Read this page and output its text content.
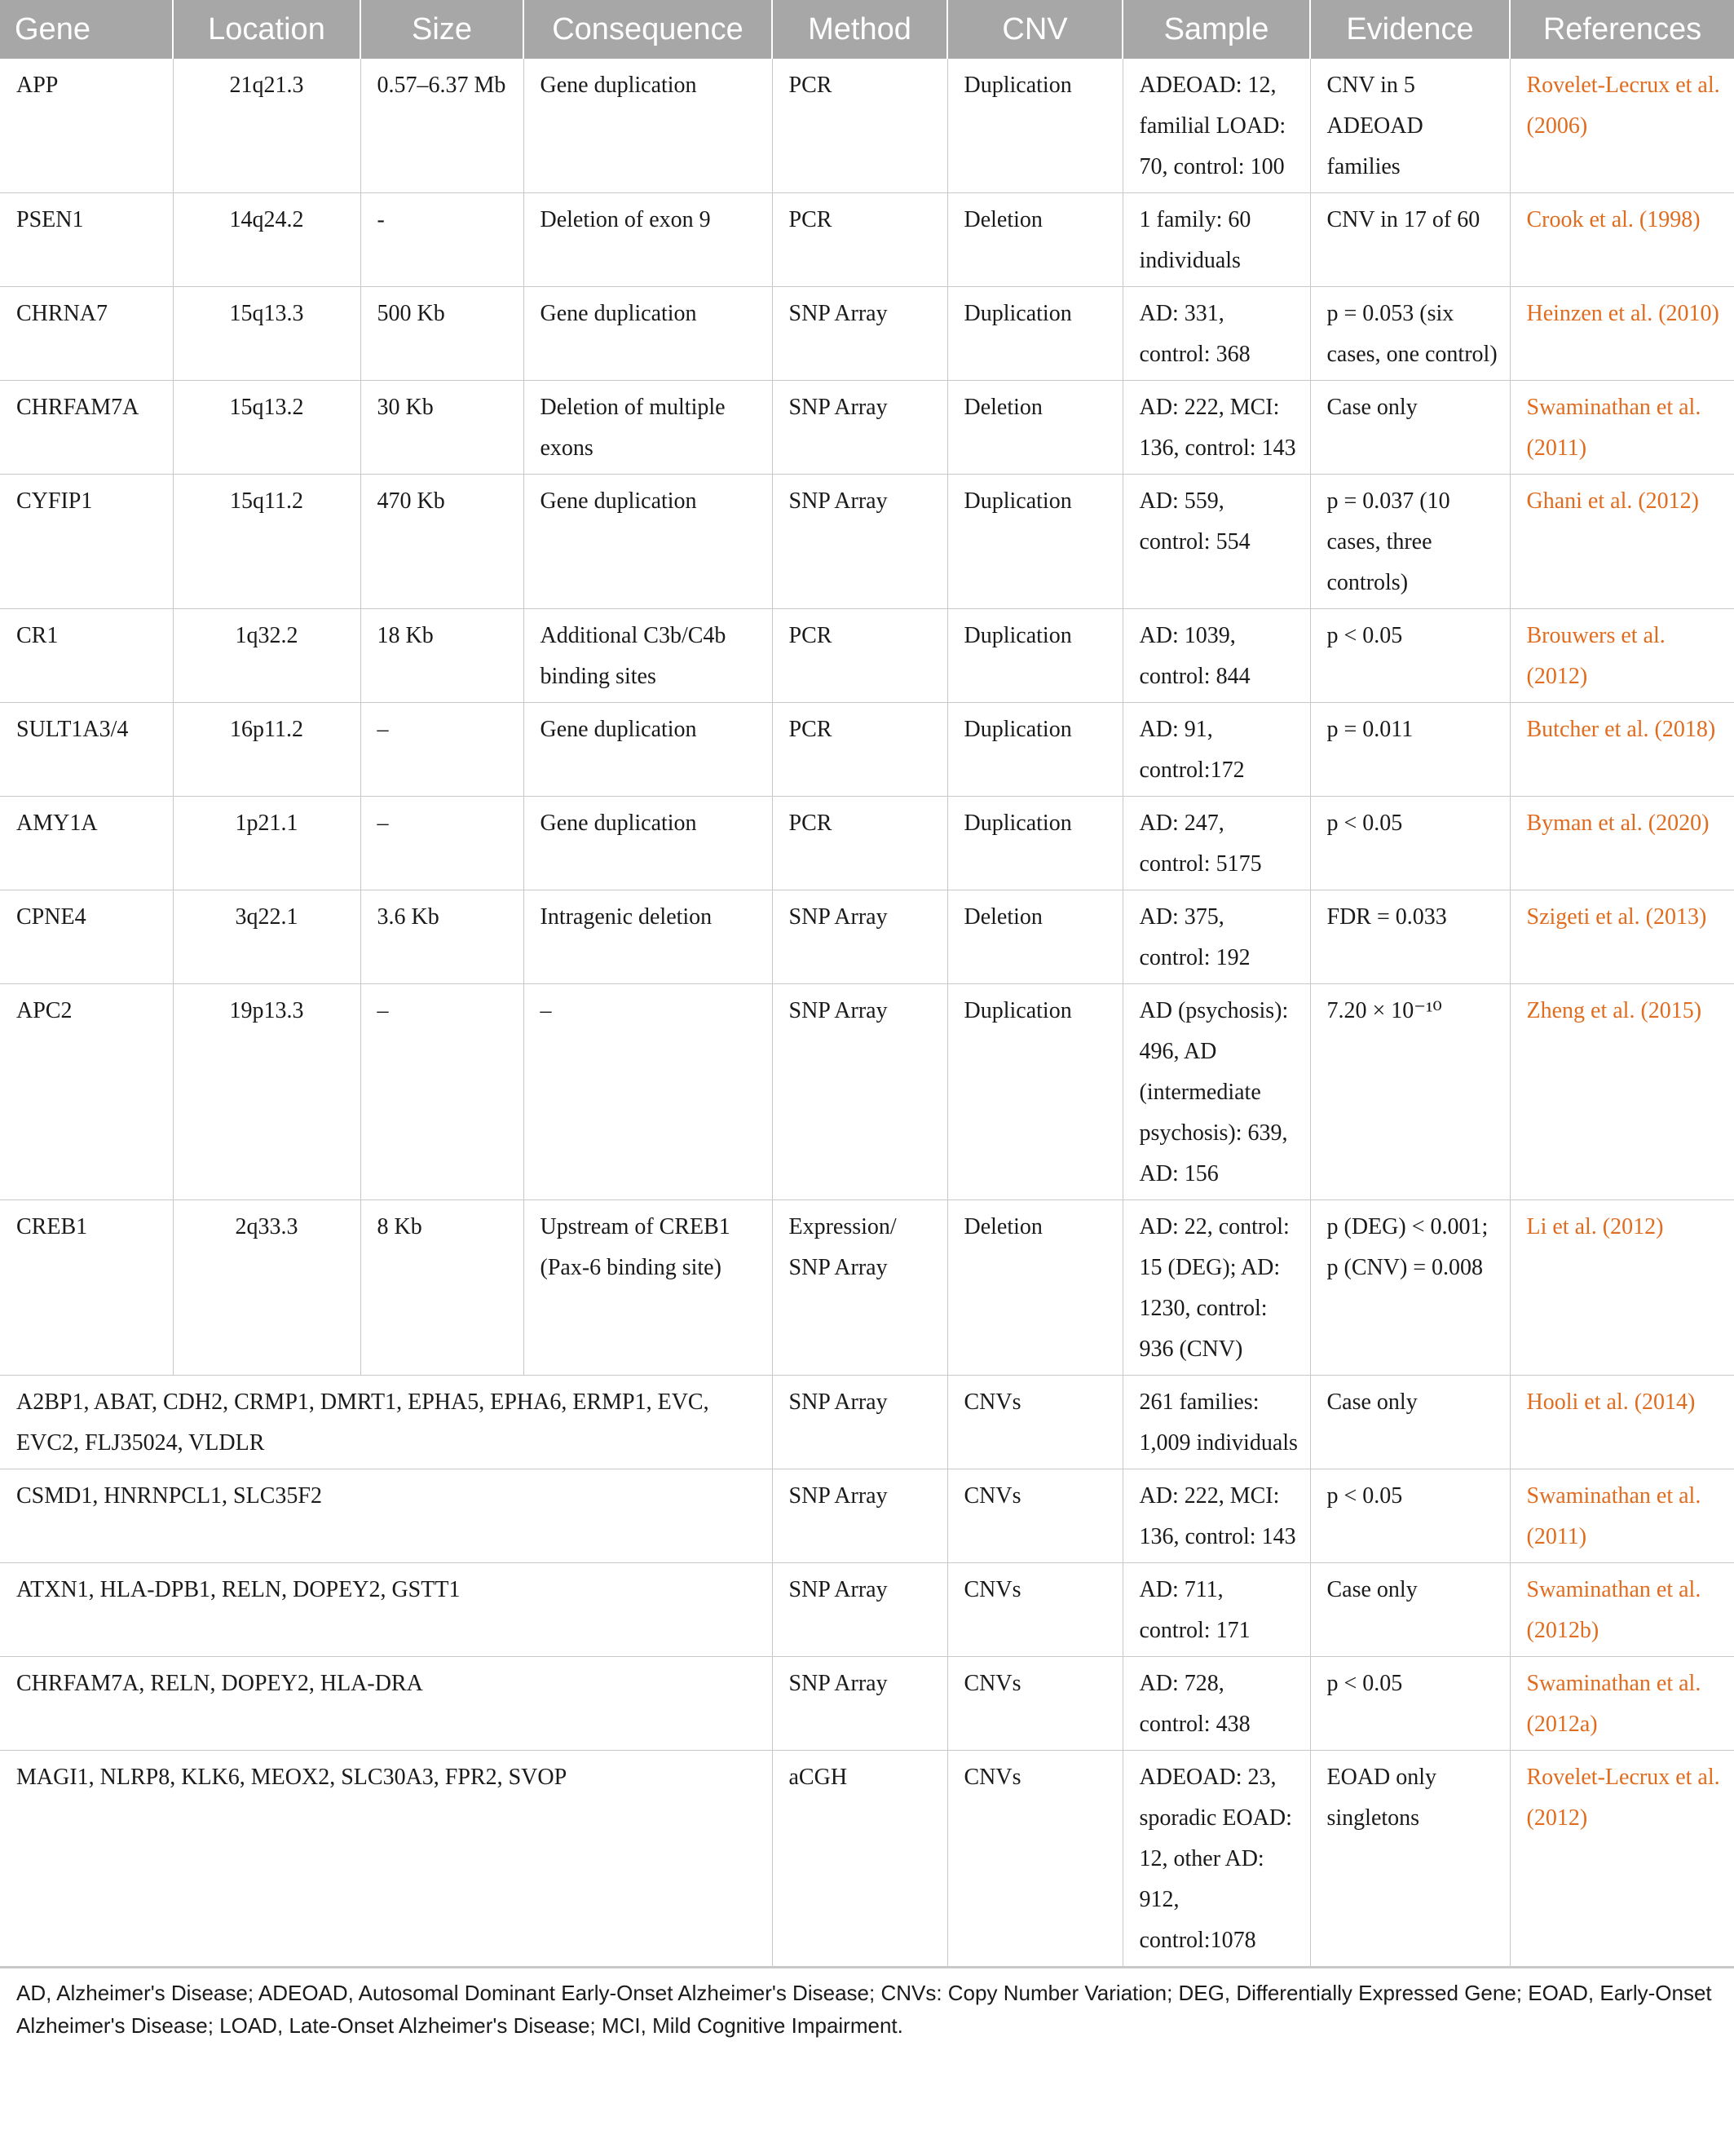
Gene	Location	Size	Consequence	Method	CNV	Sample	Evidence	References
APP	21q21.3	0.57–6.37 Mb	Gene duplication	PCR	Duplication	ADEOAD: 12, familial LOAD: 70, control: 100	CNV in 5 ADEOAD families	Rovelet-Lecrux et al. (2006)
PSEN1	14q24.2	-	Deletion of exon 9	PCR	Deletion	1 family: 60 individuals	CNV in 17 of 60	Crook et al. (1998)
CHRNA7	15q13.3	500 Kb	Gene duplication	SNP Array	Duplication	AD: 331, control: 368	p = 0.053 (six cases, one control)	Heinzen et al. (2010)
CHRFAM7A	15q13.2	30 Kb	Deletion of multiple exons	SNP Array	Deletion	AD: 222, MCI: 136, control: 143	Case only	Swaminathan et al. (2011)
CYFIP1	15q11.2	470 Kb	Gene duplication	SNP Array	Duplication	AD: 559, control: 554	p = 0.037 (10 cases, three controls)	Ghani et al. (2012)
CR1	1q32.2	18 Kb	Additional C3b/C4b binding sites	PCR	Duplication	AD: 1039, control: 844	p < 0.05	Brouwers et al. (2012)
SULT1A3/4	16p11.2	–	Gene duplication	PCR	Duplication	AD: 91, control:172	p = 0.011	Butcher et al. (2018)
AMY1A	1p21.1	–	Gene duplication	PCR	Duplication	AD: 247, control: 5175	p < 0.05	Byman et al. (2020)
CPNE4	3q22.1	3.6 Kb	Intragenic deletion	SNP Array	Deletion	AD: 375, control: 192	FDR = 0.033	Szigeti et al. (2013)
APC2	19p13.3	–	–	SNP Array	Duplication	AD (psychosis): 496, AD (intermediate psychosis): 639, AD: 156	7.20 × 10⁻¹⁰	Zheng et al. (2015)
CREB1	2q33.3	8 Kb	Upstream of CREB1 (Pax-6 binding site)	Expression/ SNP Array	Deletion	AD: 22, control: 15 (DEG); AD: 1230, control: 936 (CNV)	p (DEG) < 0.001; p (CNV) = 0.008	Li et al. (2012)
A2BP1, ABAT, CDH2, CRMP1, DMRT1, EPHA5, EPHA6, ERMP1, EVC, EVC2, FLJ35024, VLDLR				SNP Array	CNVs	261 families: 1,009 individuals	Case only	Hooli et al. (2014)
CSMD1, HNRNPCL1, SLC35F2				SNP Array	CNVs	AD: 222, MCI: 136, control: 143	p < 0.05	Swaminathan et al. (2011)
ATXN1, HLA-DPB1, RELN, DOPEY2, GSTT1				SNP Array	CNVs	AD: 711, control: 171	Case only	Swaminathan et al. (2012b)
CHRFAM7A, RELN, DOPEY2, HLA-DRA				SNP Array	CNVs	AD: 728, control: 438	p < 0.05	Swaminathan et al. (2012a)
MAGI1, NLRP8, KLK6, MEOX2, SLC30A3, FPR2, SVOP				aCGH	CNVs	ADEOAD: 23, sporadic EOAD: 12, other AD: 912, control:1078	EOAD only singletons	Rovelet-Lecrux et al. (2012)
AD, Alzheimer's Disease; ADEOAD, Autosomal Dominant Early-Onset Alzheimer's Disease; CNVs: Copy Number Variation; DEG, Differentially Expressed Gene; EOAD, Early-Onset Alzheimer's Disease; LOAD, Late-Onset Alzheimer's Disease; MCI, Mild Cognitive Impairment.
